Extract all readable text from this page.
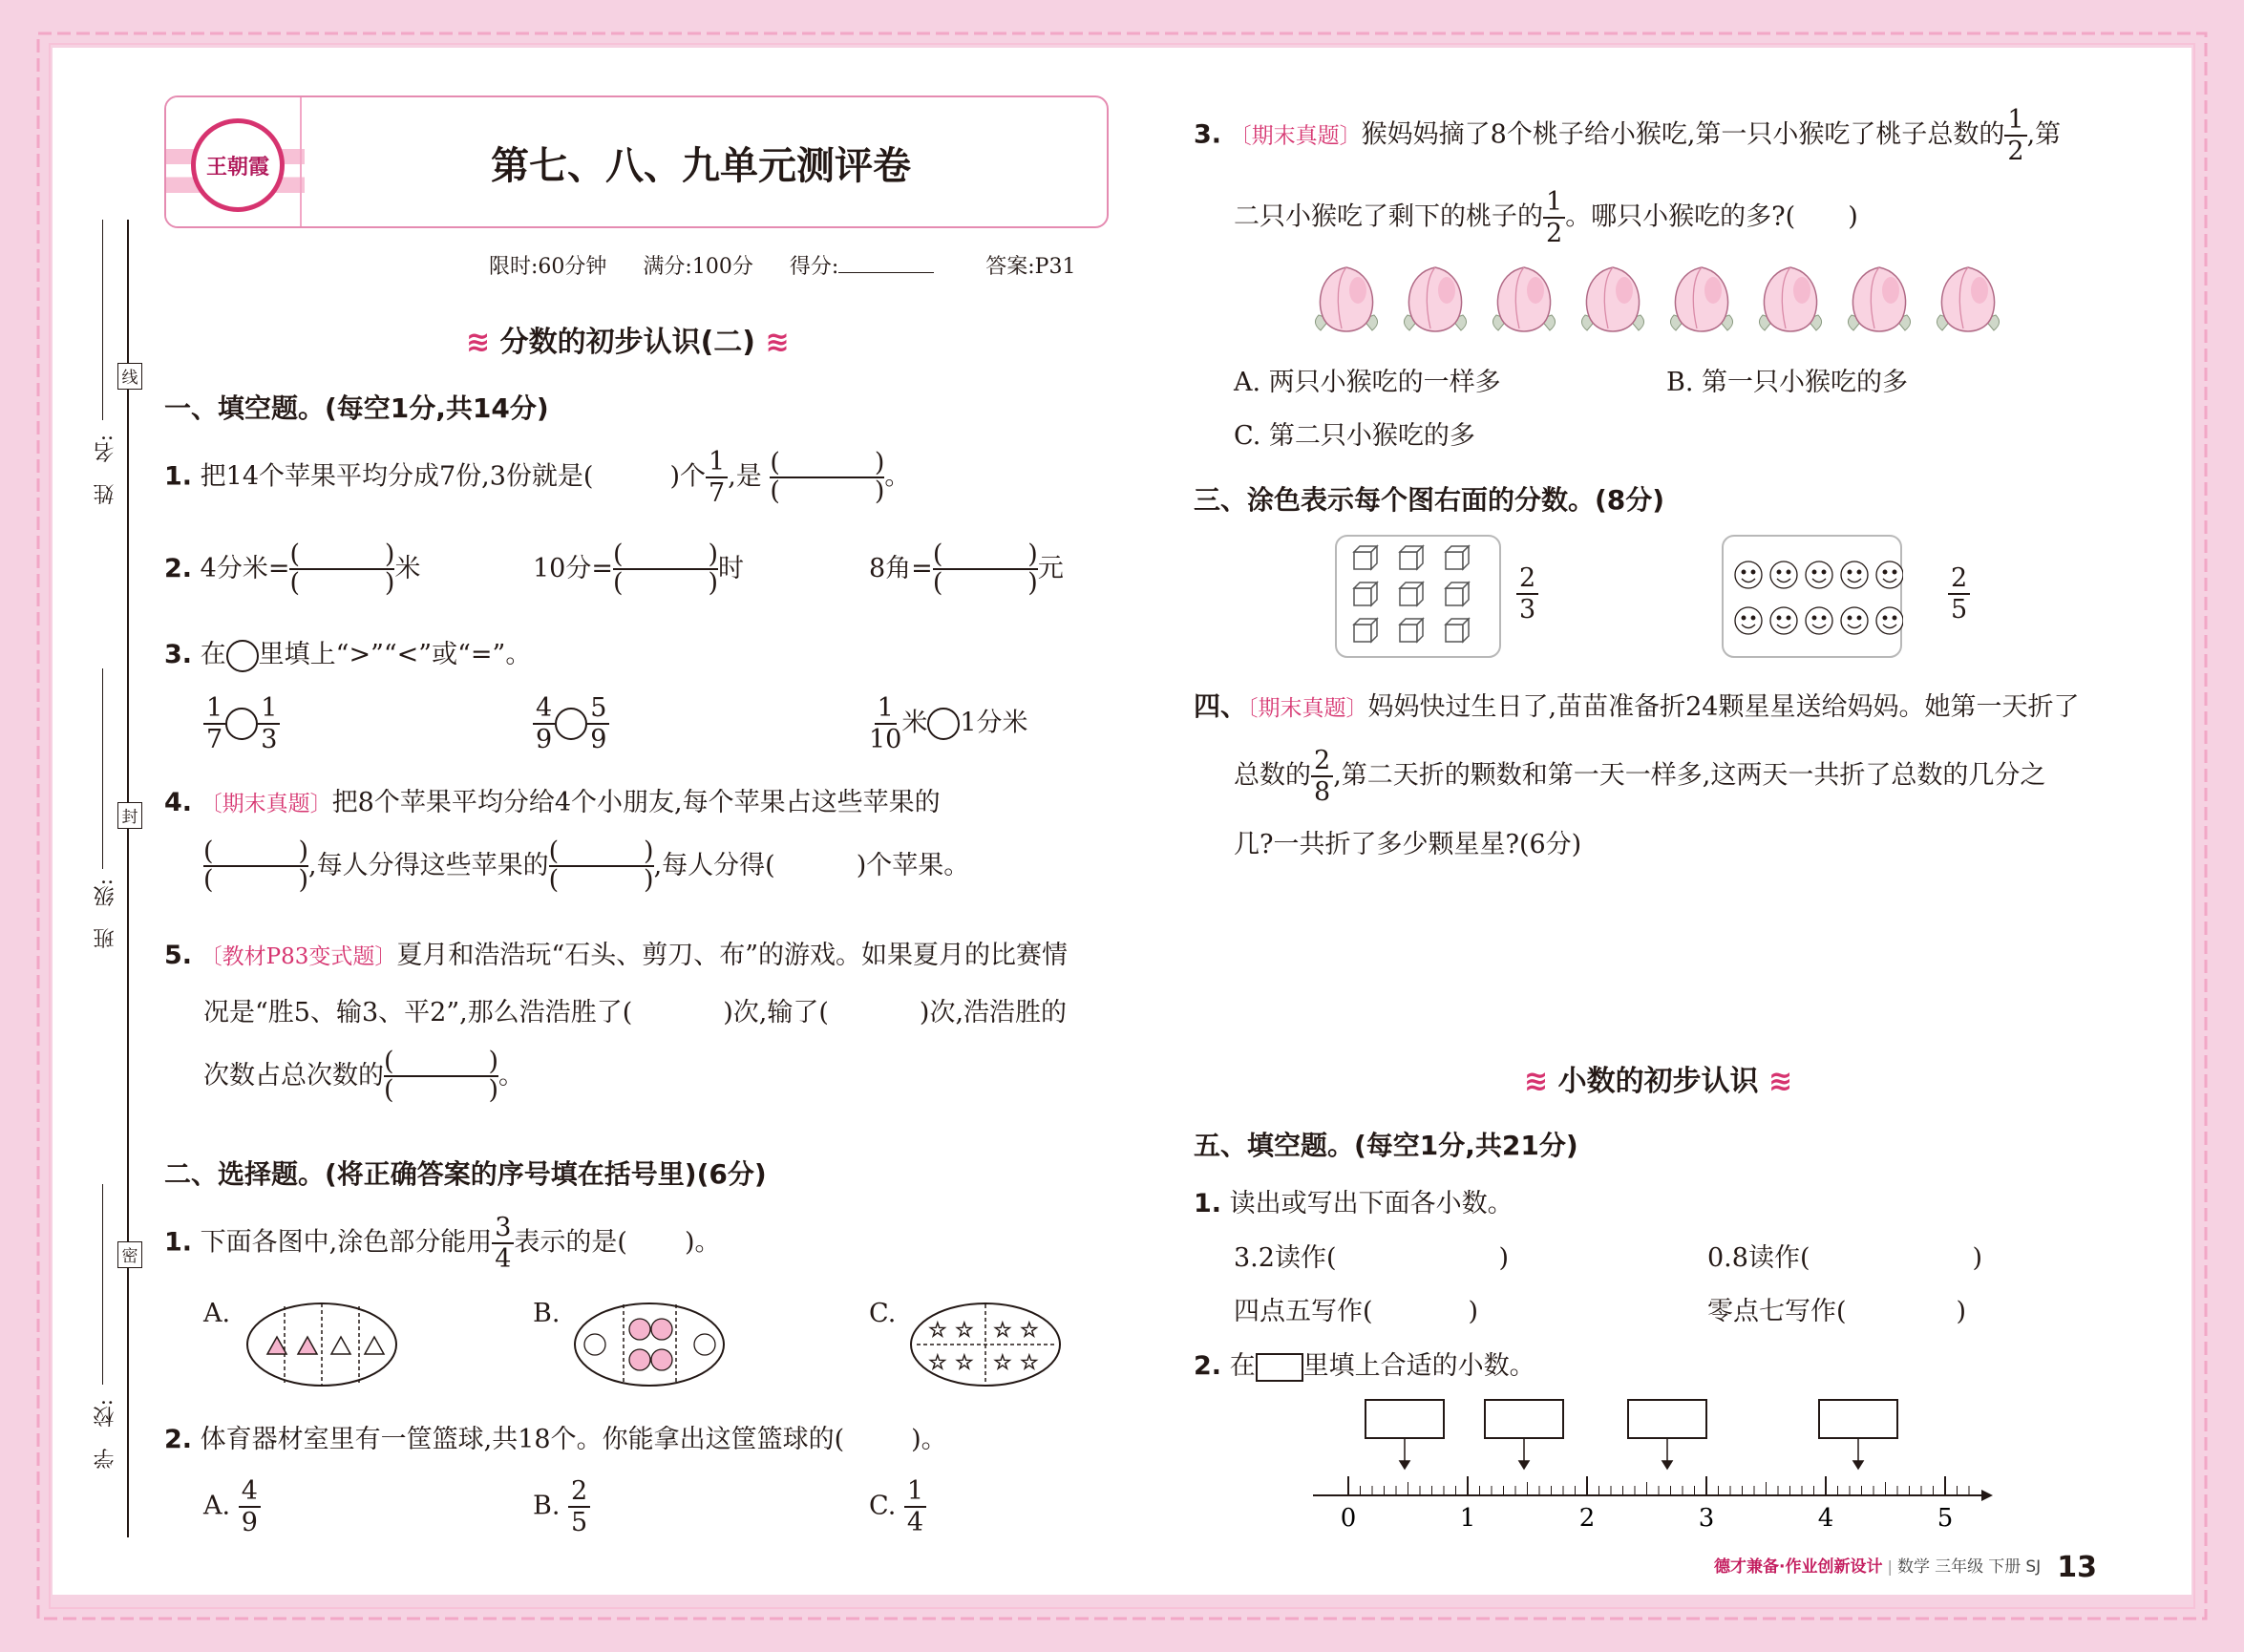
线
封
密
姓　名:
班　级:
学　校:
王朝霞	第七、八、九单元测评卷
限时:60分钟 满分:100分 得分:	答案:P31
≋ 分数的初步认识(二) ≋
一、填空题。(每空1分,共14分)
1. 把14个苹果平均分成7份,3份就是(	)个 $\frac{1}{7}$ ,是 (	)
(	) 。
2. 4分米= (	)
(	) 米	10分= (	)
(	) 时	8角= (	)
(	) 元
3. 在 里填上“>”“<”或“=”。
$\frac{1}{7} \frac{1}{3}$	$\frac{4}{9} \frac{5}{9}$	$\frac{1}{10}$ 米 1分米
4. 〔期末真题〕把8个苹果平均分给4个小朋友,每个苹果占这些苹果的
(	)
(	) ,每人分得这些苹果的 (	)
(	) ,每人分得(	)个苹果。
5. 〔教材P83变式题〕夏月和浩浩玩“石头、剪刀、布”的游戏。如果夏月的比赛情
况是“胜5、输3、平2”,那么浩浩胜了(	)次,输了(	)次,浩浩胜的
次数占总次数的 (	)
(	) 。
二、选择题。(将正确答案的序号填在括号里)(6分)
1. 下面各图中,涂色部分能用 $\frac{3}{4}$ 表示的是( )。
A.	B.	C.
☆ ☆ ☆ ☆
☆ ☆ ☆ ☆
2. 体育器材室里有一筐篮球,共18个。你能拿出这筐篮球的(	)。
A. $\frac{4}{9}$	B. $\frac{2}{5}$	C. $\frac{1}{4}$
3. 〔期末真题〕猴妈妈摘了8个桃子给小猴吃,第一只小猴吃了桃子总数的 $\frac{1}{2}$ ,第
二只小猴吃了剩下的桃子的 $\frac{1}{2}$ 。哪只小猴吃的多?( )
A. 两只小猴吃的一样多	B. 第一只小猴吃的多
C. 第二只小猴吃的多
三、涂色表示每个图右面的分数。(8分)
$\frac{2}{3}$	$\frac{2}{5}$
四、〔期末真题〕妈妈快过生日了,苗苗准备折24颗星星送给妈妈。她第一天折了
总数的 $\frac{2}{8}$ ,第二天折的颗数和第一天一样多,这两天一共折了总数的几分之
几?一共折了多少颗星星?(6分)
≋ 小数的初步认识 ≋
五、填空题。(每空1分,共21分)
1. 读出或写出下面各小数。
3.2读作(	)	0.8读作(	)
四点五写作(	)	零点七写作(	)
2. 在 里填上合适的小数。
0	1	2	3	4	5
德才兼备·作业创新设计 | 数学 三年级 下册 SJ 13
